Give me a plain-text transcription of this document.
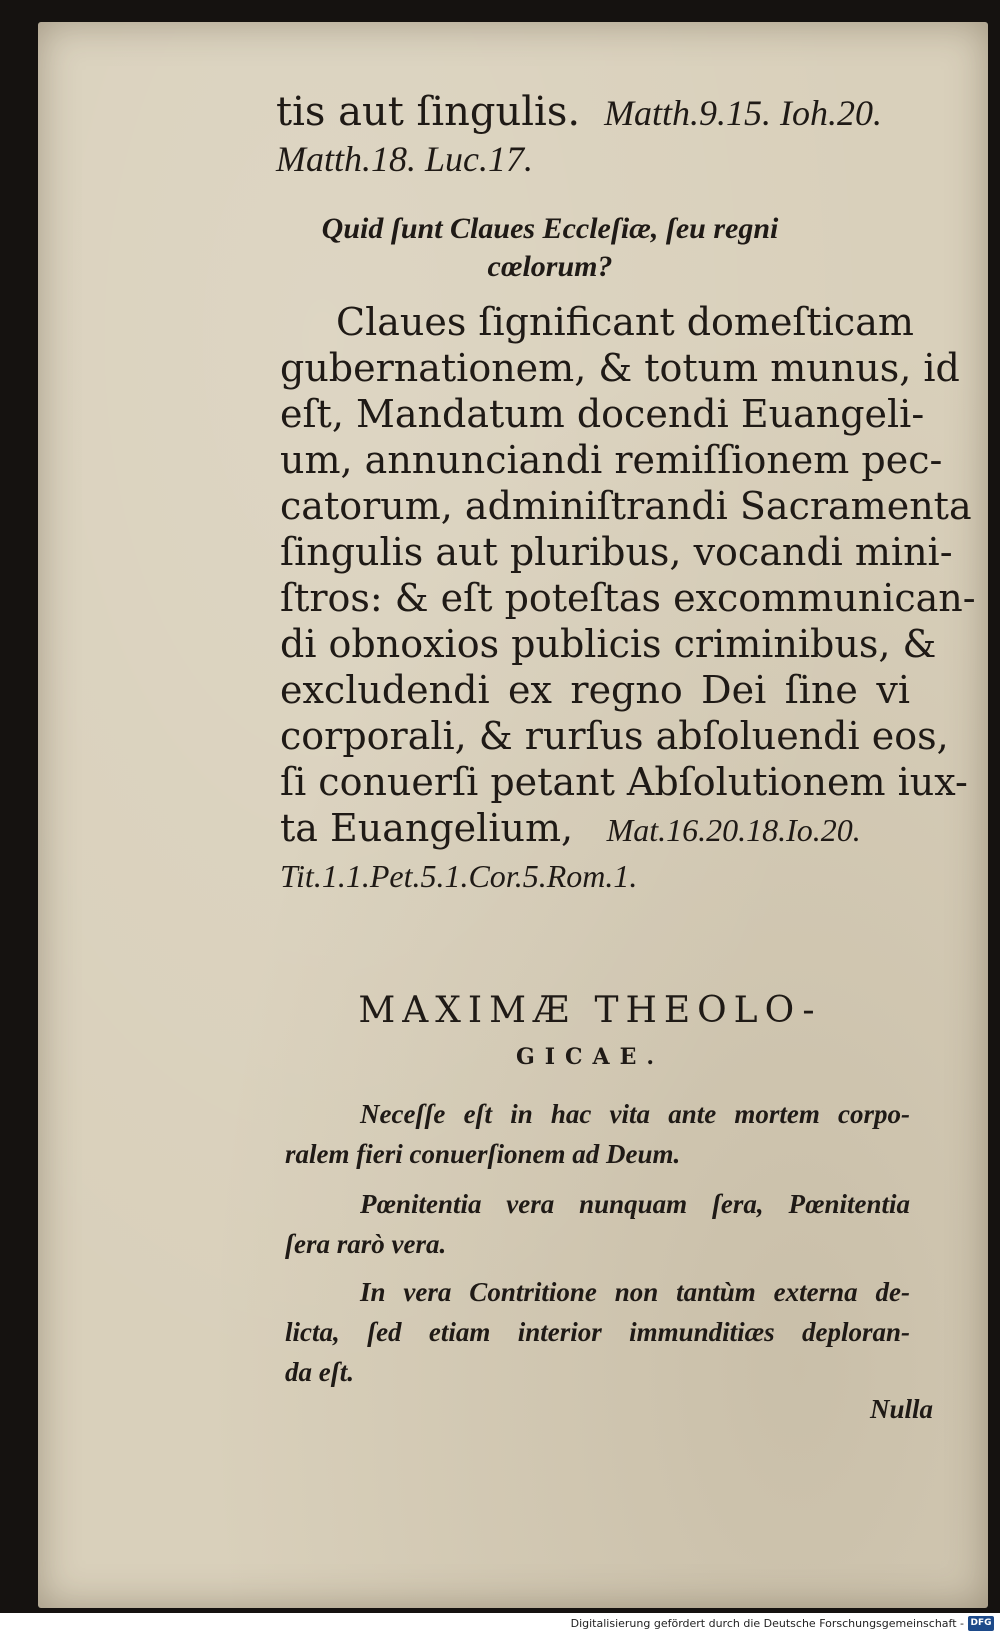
tis aut ſingulis. Matth.9.15. Ioh.20.
Matth.18. Luc.17.
Quid ſunt Claues Eccleſiæ, ſeu regni
cœlorum?
Claues ſignificant domeſticam
gubernationem, & totum munus, id
eſt, Mandatum docendi Euangeli-
um, annunciandi remiſſionem pec-
catorum, adminiſtrandi Sacramenta
ſingulis aut pluribus, vocandi mini-
ſtros: & eſt poteſtas excommunican-
di obnoxios publicis criminibus, &
excludendi ex regno Dei ſine vi
corporali, & rurſus abſoluendi eos,
ſi conuerſi petant Abſolutionem iux-
ta Euangelium, Mat.16.20.18.Io.20.
Tit.1.1.Pet.5.1.Cor.5.Rom.1.
MAXIMÆ THEOLO-
GICAE.
Neceſſe eſt in hac vita ante mortem corpo-
ralem fieri conuerſionem ad Deum.
Pœnitentia vera nunquam ſera, Pœnitentia
ſera rarò vera.
In vera Contritione non tantùm externa de-
licta, ſed etiam interior immunditiæs deploran-
da eſt.
Nulla
Digitalisierung gefördert durch die Deutsche Forschungsgemeinschaft - DFG
